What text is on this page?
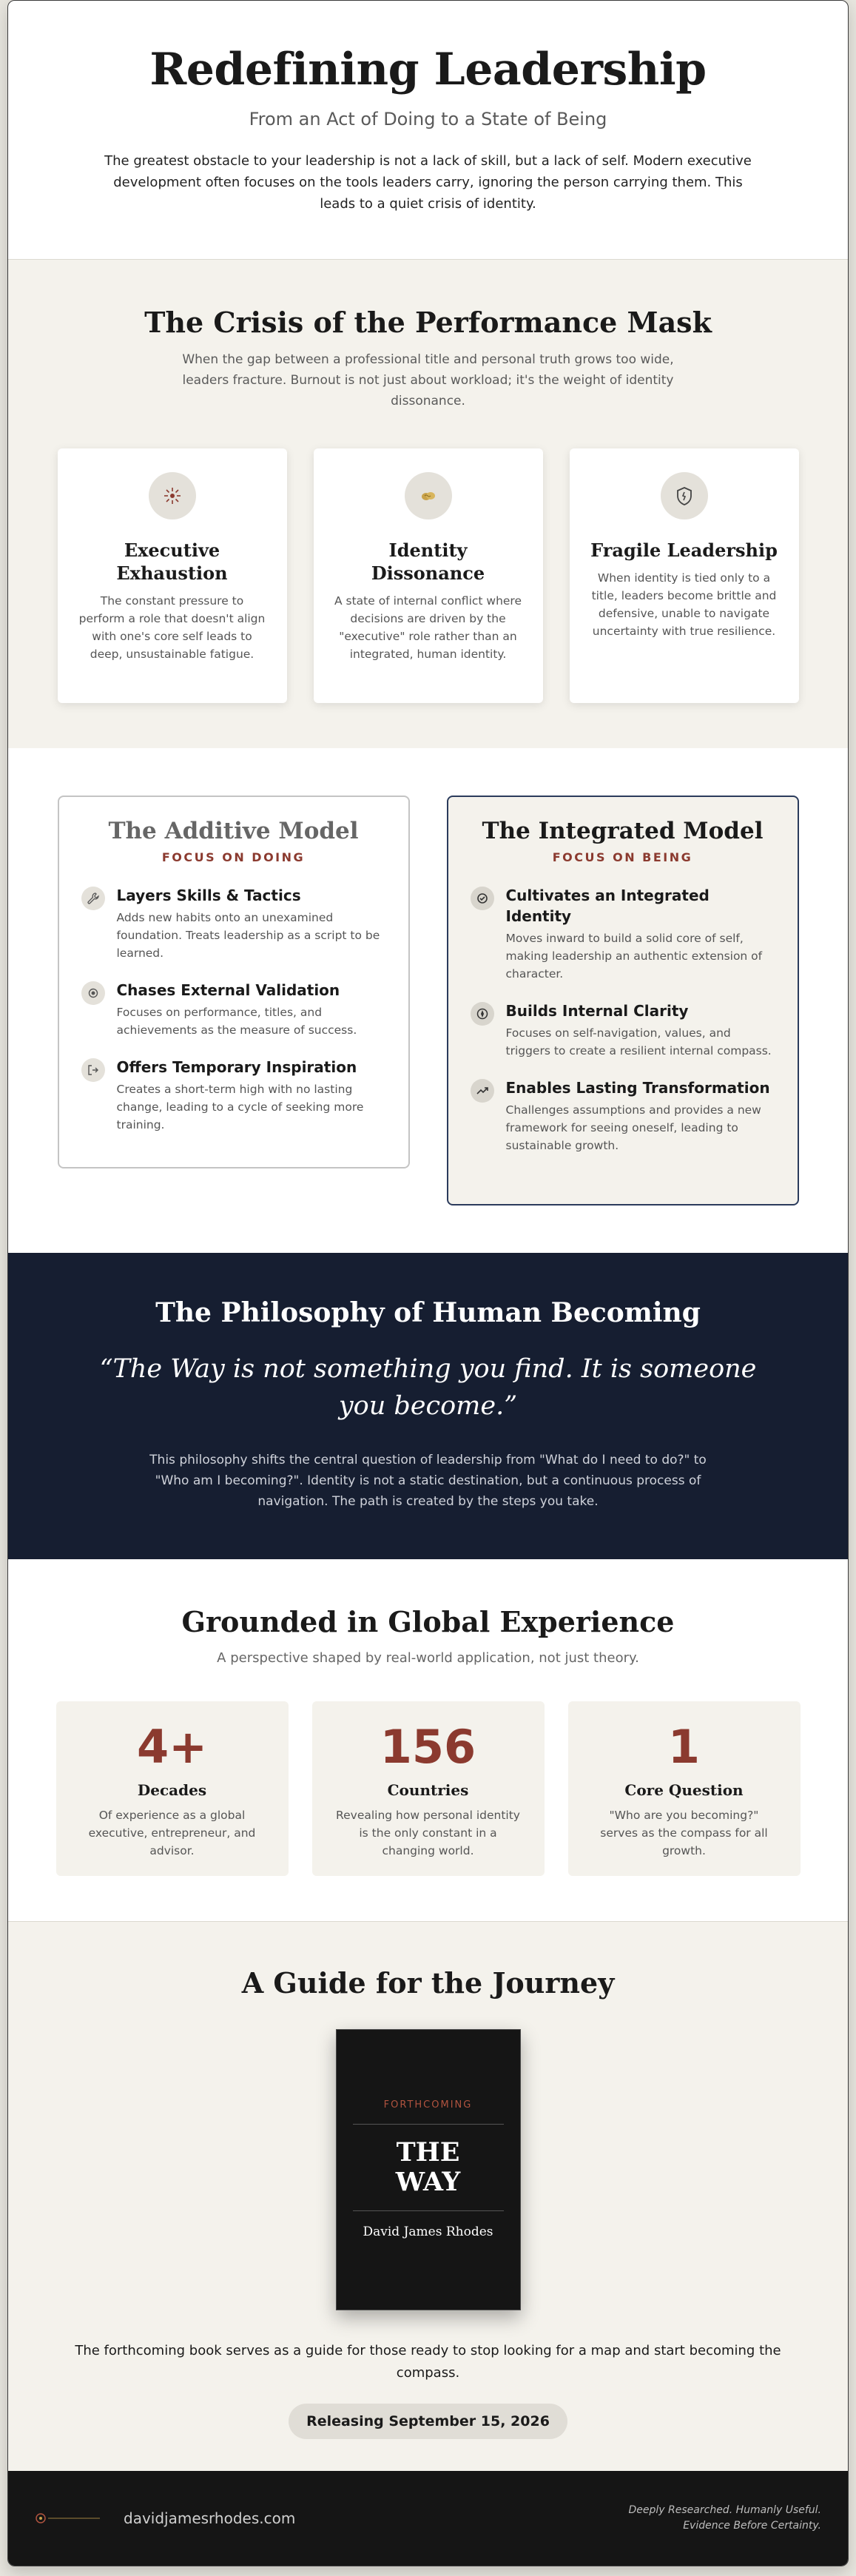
Redefining Leadership
From an Act of Doing to a State of Being

The greatest obstacle to your leadership is not a lack of skill, but a lack of self. Modern executive development often focuses on the tools leaders carry, ignoring the person carrying them. This leads to a quiet crisis of identity.

The Crisis of the Performance Mask

When the gap between a professional title and personal truth grows too wide, leaders fracture. Burnout is not just about workload; it's the weight of identity dissonance.

Executive Exhaustion

The constant pressure to perform a role that doesn't align with one's core self leads to deep, unsustainable fatigue.

Identity Dissonance

A state of internal conflict where decisions are driven by the "executive" role rather than an integrated, human identity.

Fragile Leadership

When identity is tied only to a title, leaders become brittle and defensive, unable to navigate uncertainty with true resilience.

The Additive Model
FOCUS ON DOING
Layers Skills & Tactics

Adds new habits onto an unexamined foundation. Treats leadership as a script to be learned.

Chases External Validation

Focuses on performance, titles, and achievements as the measure of success.

Offers Temporary Inspiration

Creates a short-term high with no lasting change, leading to a cycle of seeking more training.

The Integrated Model
FOCUS ON BEING
Cultivates an Integrated Identity

Moves inward to build a solid core of self, making leadership an authentic extension of character.

Builds Internal Clarity

Focuses on self-navigation, values, and triggers to create a resilient internal compass.

Enables Lasting Transformation

Challenges assumptions and provides a new framework for seeing oneself, leading to sustainable growth.

The Philosophy of Human Becoming

“The Way is not something you find. It is someone you become.”

This philosophy shifts the central question of leadership from "What do I need to do?" to "Who am I becoming?". Identity is not a static destination, but a continuous process of navigation. The path is created by the steps you take.

Grounded in Global Experience
A perspective shaped by real-world application, not just theory.
4+
Decades

Of experience as a global executive, entrepreneur, and advisor.

156
Countries

Revealing how personal identity is the only constant in a changing world.

1
Core Question

"Who are you becoming?" serves as the compass for all growth.

A Guide for the Journey
FORTHCOMING
THE
WAY
David James Rhodes

The forthcoming book serves as a guide for those ready to stop looking for a map and start becoming the compass.

Releasing September 15, 2026
davidjamesrhodes.com	Deeply Researched. Humanly Useful.
Evidence Before Certainty.
